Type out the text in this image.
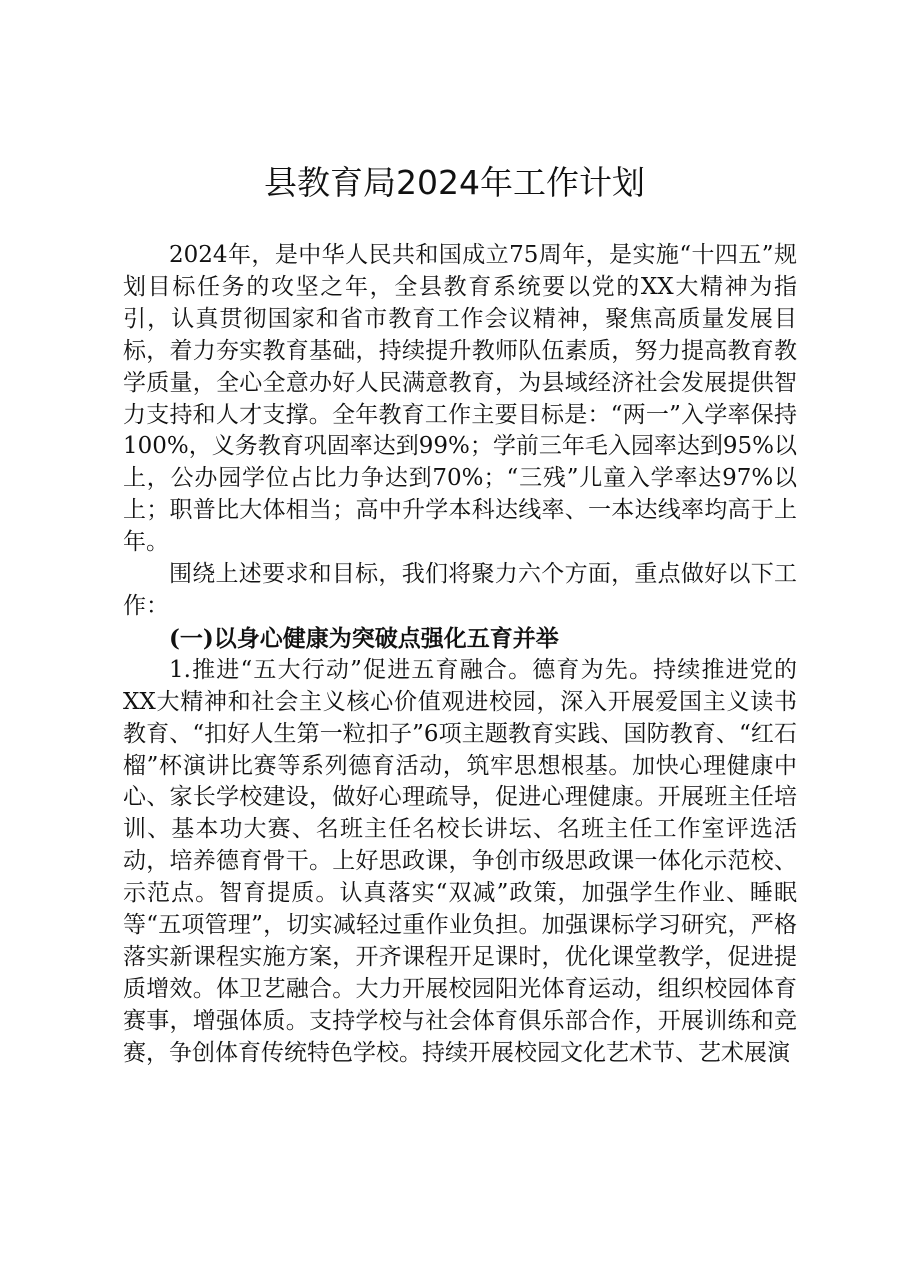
县教育局2024年工作计划

2024年，是中华人民共和国成立75周年，是实施“十四五”规划目标任务的攻坚之年，全县教育系统要以党的XX大精神为指引，认真贯彻国家和省市教育工作会议精神，聚焦高质量发展目标，着力夯实教育基础，持续提升教师队伍素质，努力提高教育教学质量，全心全意办好人民满意教育，为县域经济社会发展提供智力支持和人才支撑。全年教育工作主要目标是：“两一”入学率保持100%，义务教育巩固率达到99%；学前三年毛入园率达到95%以上，公办园学位占比力争达到70%；“三残”儿童入学率达97%以上；职普比大体相当；高中升学本科达线率、一本达线率均高于上年。

围绕上述要求和目标，我们将聚力六个方面，重点做好以下工作：

(一)以身心健康为突破点强化五育并举

1.推进“五大行动”促进五育融合。德育为先。持续推进党的XX大精神和社会主义核心价值观进校园，深入开展爱国主义读书教育、“扣好人生第一粒扣子”6项主题教育实践、国防教育、“红石榴”杯演讲比赛等系列德育活动，筑牢思想根基。加快心理健康中心、家长学校建设，做好心理疏导，促进心理健康。开展班主任培训、基本功大赛、名班主任名校长讲坛、名班主任工作室评选活动，培养德育骨干。上好思政课，争创市级思政课一体化示范校、示范点。智育提质。认真落实“双减”政策，加强学生作业、睡眠等“五项管理”，切实减轻过重作业负担。加强课标学习研究，严格落实新课程实施方案，开齐课程开足课时，优化课堂教学，促进提质增效。体卫艺融合。大力开展校园阳光体育运动，组织校园体育赛事，增强体质。支持学校与社会体育俱乐部合作，开展训练和竞赛，争创体育传统特色学校。持续开展校园文化艺术节、艺术展演
